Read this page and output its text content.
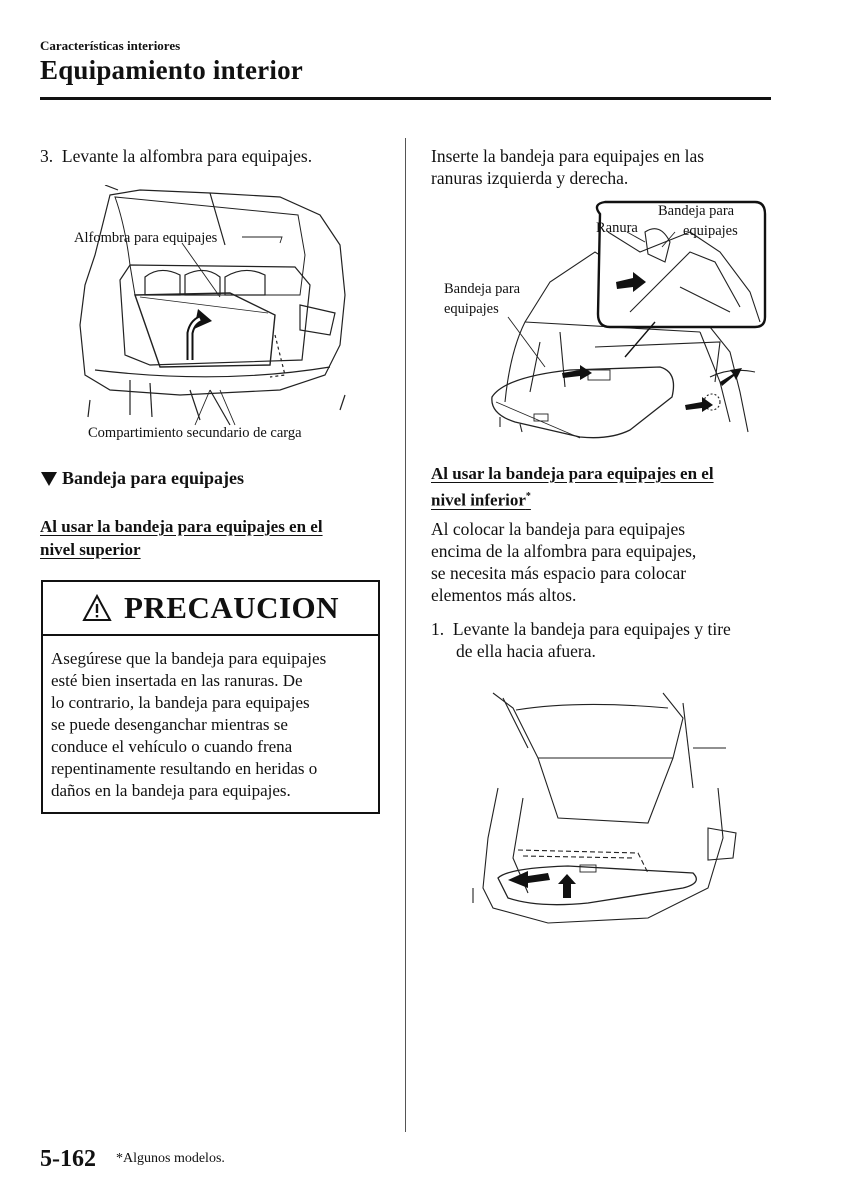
Características interiores
Equipamiento interior
3.  Levante la alfombra para equipajes.
Alfombra para equipajes
Compartimiento secundario de carga
Bandeja para equipajes
Al usar la bandeja para equipajes en el
nivel superior
PRECAUCION
Asegúrese que la bandeja para equipajes
esté bien insertada en las ranuras. De
lo contrario, la bandeja para equipajes
se puede desenganchar mientras se
conduce el vehículo o cuando frena
repentinamente resultando en heridas o
daños en la bandeja para equipajes.
Inserte la bandeja para equipajes en las
ranuras izquierda y derecha.
Ranura
Bandeja para
equipajes
Bandeja para
equipajes
Al usar la bandeja para equipajes en el
nivel inferior*
Al colocar la bandeja para equipajes
encima de la alfombra para equipajes,
se necesita más espacio para colocar
elementos más altos.
1.  Levante la bandeja para equipajes y tire
de ella hacia afuera.
5-162 *Algunos modelos.
